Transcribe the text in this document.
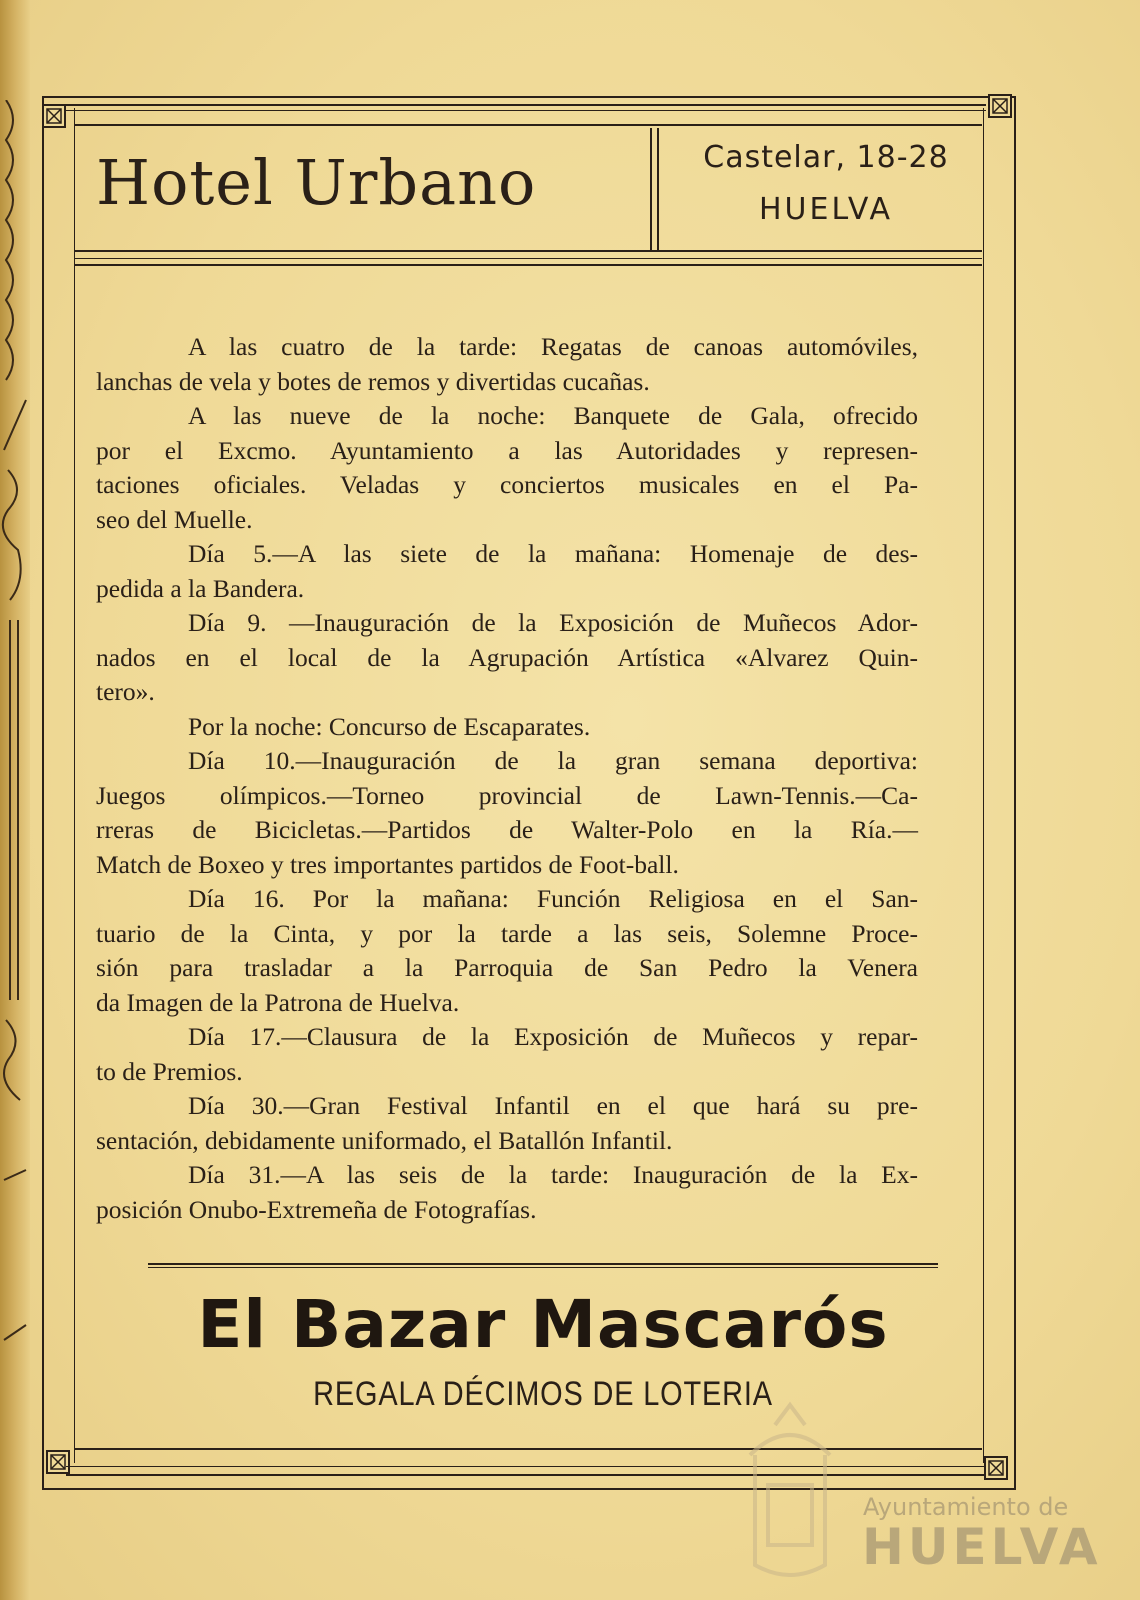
Hotel Urbano	Castelar, 18-28
HUELVA

A las cuatro de la tarde: Regatas de canoas automóviles,
lanchas de vela y botes de remos y divertidas cucañas.

A las nueve de la noche: Banquete de Gala, ofrecido
por el Excmo. Ayuntamiento a las Autoridades y represen-
taciones oficiales. Veladas y conciertos musicales en el Pa-
seo del Muelle.

Día 5.—A las siete de la mañana: Homenaje de des-
pedida a la Bandera.

Día 9. —Inauguración de la Exposición de Muñecos Ador-
nados en el local de la Agrupación Artística «Alvarez Quin-
tero».

Por la noche: Concurso de Escaparates.

Día 10.—Inauguración de la gran semana deportiva:
Juegos olímpicos.—Torneo provincial de Lawn-Tennis.—Ca-
rreras de Bicicletas.—Partidos de Walter-Polo en la Ría.—
Match de Boxeo y tres importantes partidos de Foot-ball.

Día 16. Por la mañana: Función Religiosa en el San-
tuario de la Cinta, y por la tarde a las seis, Solemne Proce-
sión para trasladar a la Parroquia de San Pedro la Venera
da Imagen de la Patrona de Huelva.

Día 17.—Clausura de la Exposición de Muñecos y repar-
to de Premios.

Día 30.—Gran Festival Infantil en el que hará su pre-
sentación, debidamente uniformado, el Batallón Infantil.

Día 31.—A las seis de la tarde: Inauguración de la Ex-
posición Onubo-Extremeña de Fotografías.

El Bazar Mascarós
REGALA DÉCIMOS DE LOTERIA
Ayuntamiento de
HUELVA
